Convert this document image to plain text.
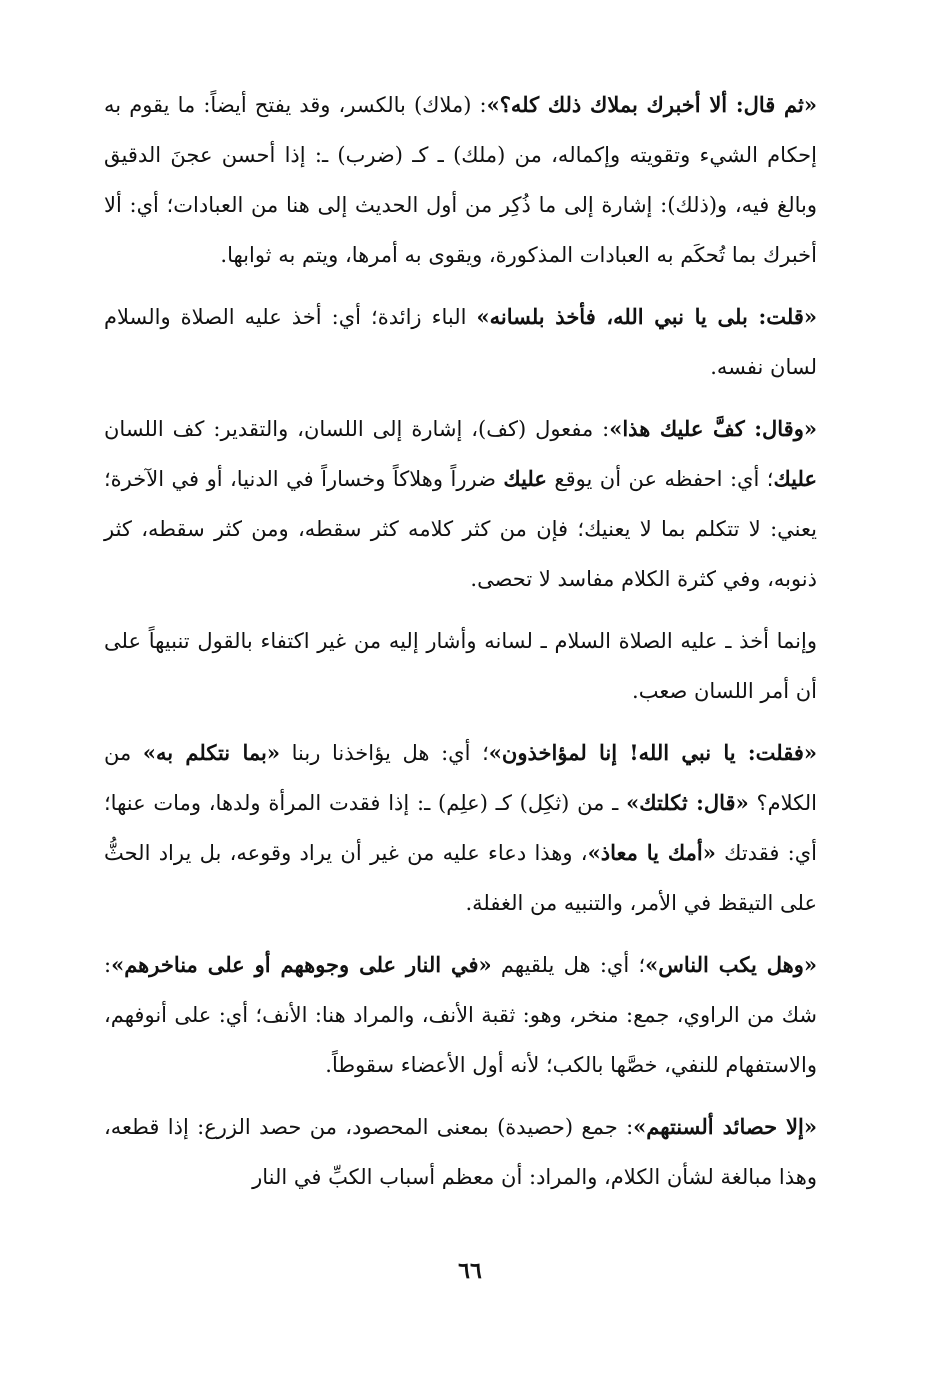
«ثم قال: ألا أخبرك بملاك ذلك كله؟»: (ملاك) بالكسر، وقد يفتح أيضاً: ما يقوم به إحكام الشيء وتقويته وإكماله، من (ملك) ـ كـ (ضرب) ـ: إذا أحسن عجنَ الدقيق وبالغ فيه، و(ذلك): إشارة إلى ما ذُكِر من أول الحديث إلى هنا من العبادات؛ أي: ألا أخبرك بما تُحكَم به العبادات المذكورة، ويقوى به أمرها، ويتم به ثوابها.

«قلت: بلى يا نبي الله، فأخذ بلسانه» الباء زائدة؛ أي: أخذ عليه الصلاة والسلام لسان نفسه.

«وقال: كفَّ عليك هذا»: مفعول (كف)، إشارة إلى اللسان، والتقدير: كف اللسان عليك؛ أي: احفظه عن أن يوقع عليك ضرراً وهلاكاً وخساراً في الدنيا، أو في الآخرة؛ يعني: لا تتكلم بما لا يعنيك؛ فإن من كثر كلامه كثر سقطه، ومن كثر سقطه، كثر ذنوبه، وفي كثرة الكلام مفاسد لا تحصى.

وإنما أخذ ـ عليه الصلاة السلام ـ لسانه وأشار إليه من غير اكتفاء بالقول تنبيهاً على أن أمر اللسان صعب.

«فقلت: يا نبي الله! إنا لمؤاخذون»؛ أي: هل يؤاخذنا ربنا «بما نتكلم به» من الكلام؟ «قال: ثكلتك» ـ من (ثكِل) كـ (علِم) ـ: إذا فقدت المرأة ولدها، ومات عنها؛ أي: فقدتك «أمك يا معاذ»، وهذا دعاء عليه من غير أن يراد وقوعه، بل يراد الحثُّ على التيقظ في الأمر، والتنبيه من الغفلة.

«وهل يكب الناس»؛ أي: هل يلقيهم «في النار على وجوههم أو على مناخرهم»: شك من الراوي، جمع: منخر، وهو: ثقبة الأنف، والمراد هنا: الأنف؛ أي: على أنوفهم، والاستفهام للنفي، خصَّها بالكب؛ لأنه أول الأعضاء سقوطاً.

«إلا حصائد ألسنتهم»: جمع (حصيدة) بمعنى المحصود، من حصد الزرع: إذا قطعه، وهذا مبالغة لشأن الكلام، والمراد: أن معظم أسباب الكبِّ في النار

٦٦
